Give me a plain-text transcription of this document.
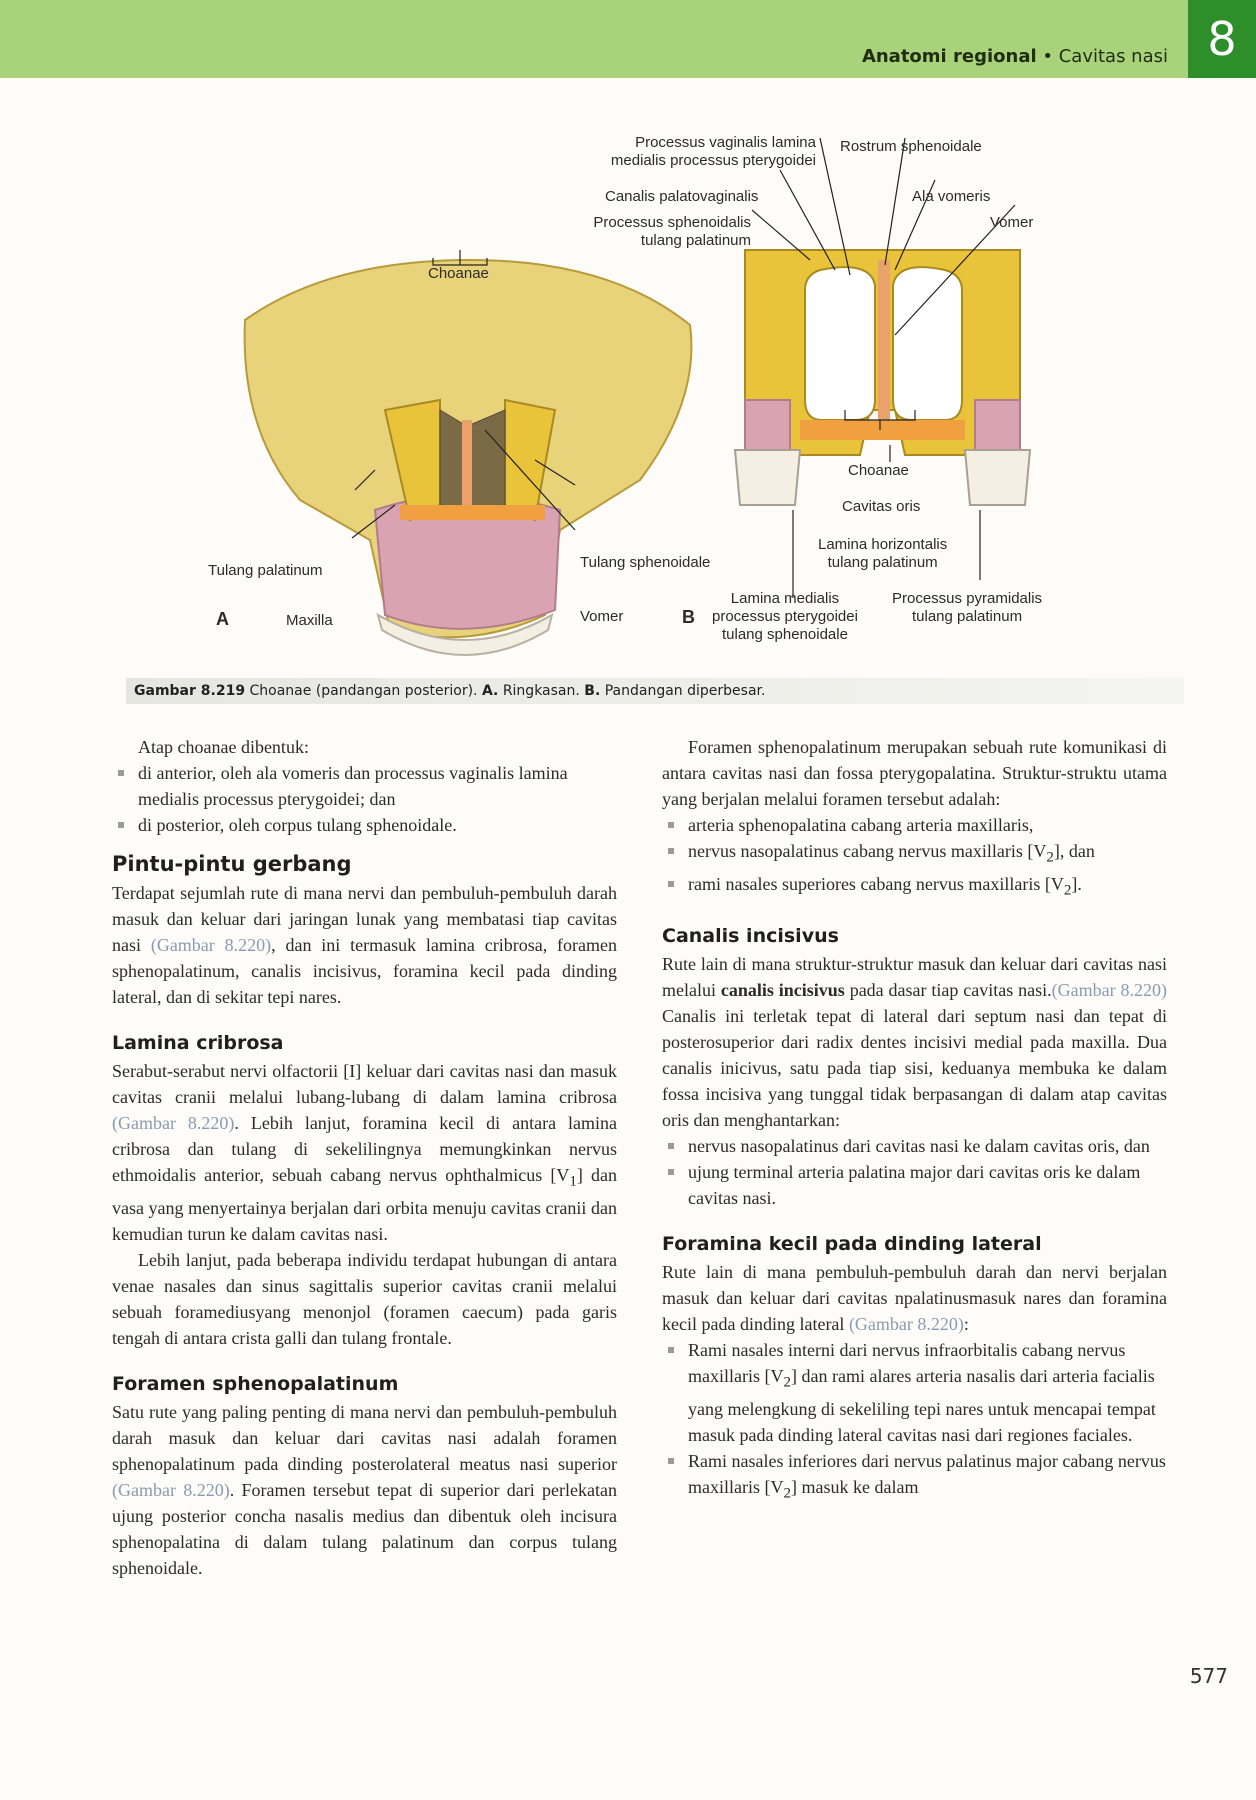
Anatomi regional • Cavitas nasi 8
Processus vaginalis lamina
medialis processus pterygoidei
Rostrum sphenoidale
Canalis palatovaginalis	Ala vomeris
Processus sphenoidalis
tulang palatinum
Vomer
Choanae
Choanae
Cavitas oris
Lamina horizontalis
tulang palatinum
Tulang palatinum	Tulang sphenoidale
Maxilla	Vomer
Lamina medialis
processus pterygoidei
tulang sphenoidale
Processus pyramidalis
tulang palatinum
A	B
Gambar 8.219 Choanae (pandangan posterior). A. Ringkasan. B. Pandangan diperbesar.

Atap choanae dibentuk:

di anterior, oleh ala vomeris dan processus vaginalis lamina medialis processus pterygoidei; dan
di posterior, oleh corpus tulang sphenoidale.
Pintu-pintu gerbang

Terdapat sejumlah rute di mana nervi dan pembuluh-pembuluh darah masuk dan keluar dari jaringan lunak yang membatasi tiap cavitas nasi (Gambar 8.220), dan ini termasuk lamina cribrosa, foramen sphenopalatinum, canalis incisivus, foramina kecil pada dinding lateral, dan di sekitar tepi nares.

Lamina cribrosa

Serabut-serabut nervi olfactorii [I] keluar dari cavitas nasi dan masuk cavitas cranii melalui lubang-lubang di dalam lamina cribrosa (Gambar 8.220). Lebih lanjut, foramina kecil di antara lamina cribrosa dan tulang di sekelilingnya memungkinkan nervus ethmoidalis anterior, sebuah cabang nervus ophthalmicus $[V_1]$ dan vasa yang menyertainya berjalan dari orbita menuju cavitas cranii dan kemudian turun ke dalam cavitas nasi.

Lebih lanjut, pada beberapa individu terdapat hubungan di antara venae nasales dan sinus sagittalis superior cavitas cranii melalui sebuah foramediusyang menonjol (foramen caecum) pada garis tengah di antara crista galli dan tulang frontale.

Foramen sphenopalatinum

Satu rute yang paling penting di mana nervi dan pembuluh-pembuluh darah masuk dan keluar dari cavitas nasi adalah foramen sphenopalatinum pada dinding posterolateral meatus nasi superior (Gambar 8.220). Foramen tersebut tepat di superior dari perlekatan ujung posterior concha nasalis medius dan dibentuk oleh incisura sphenopalatina di dalam tulang palatinum dan corpus tulang sphenoidale.

Foramen sphenopalatinum merupakan sebuah rute komunikasi di antara cavitas nasi dan fossa pterygopalatina. Struktur-struktu utama yang berjalan melalui foramen tersebut adalah:

arteria sphenopalatina cabang arteria maxillaris,
nervus nasopalatinus cabang nervus maxillaris $[V_2]$, dan
rami nasales superiores cabang nervus maxillaris $[V_2]$.
Canalis incisivus

Rute lain di mana struktur-struktur masuk dan keluar dari cavitas nasi melalui canalis incisivus pada dasar tiap cavitas nasi.(Gambar 8.220) Canalis ini terletak tepat di lateral dari septum nasi dan tepat di posterosuperior dari radix dentes incisivi medial pada maxilla. Dua canalis inicivus, satu pada tiap sisi, keduanya membuka ke dalam fossa incisiva yang tunggal tidak berpasangan di dalam atap cavitas oris dan menghantarkan:

nervus nasopalatinus dari cavitas nasi ke dalam cavitas oris, dan
ujung terminal arteria palatina major dari cavitas oris ke dalam cavitas nasi.
Foramina kecil pada dinding lateral

Rute lain di mana pembuluh-pembuluh darah dan nervi berjalan masuk dan keluar dari cavitas npalatinusmasuk nares dan foramina kecil pada dinding lateral (Gambar 8.220):

Rami nasales interni dari nervus infraorbitalis cabang nervus maxillaris $[V_2]$ dan rami alares arteria nasalis dari arteria facialis yang melengkung di sekeliling tepi nares untuk mencapai tempat masuk pada dinding lateral cavitas nasi dari regiones faciales.
Rami nasales inferiores dari nervus palatinus major cabang nervus maxillaris $[V_2]$ masuk ke dalam
577
